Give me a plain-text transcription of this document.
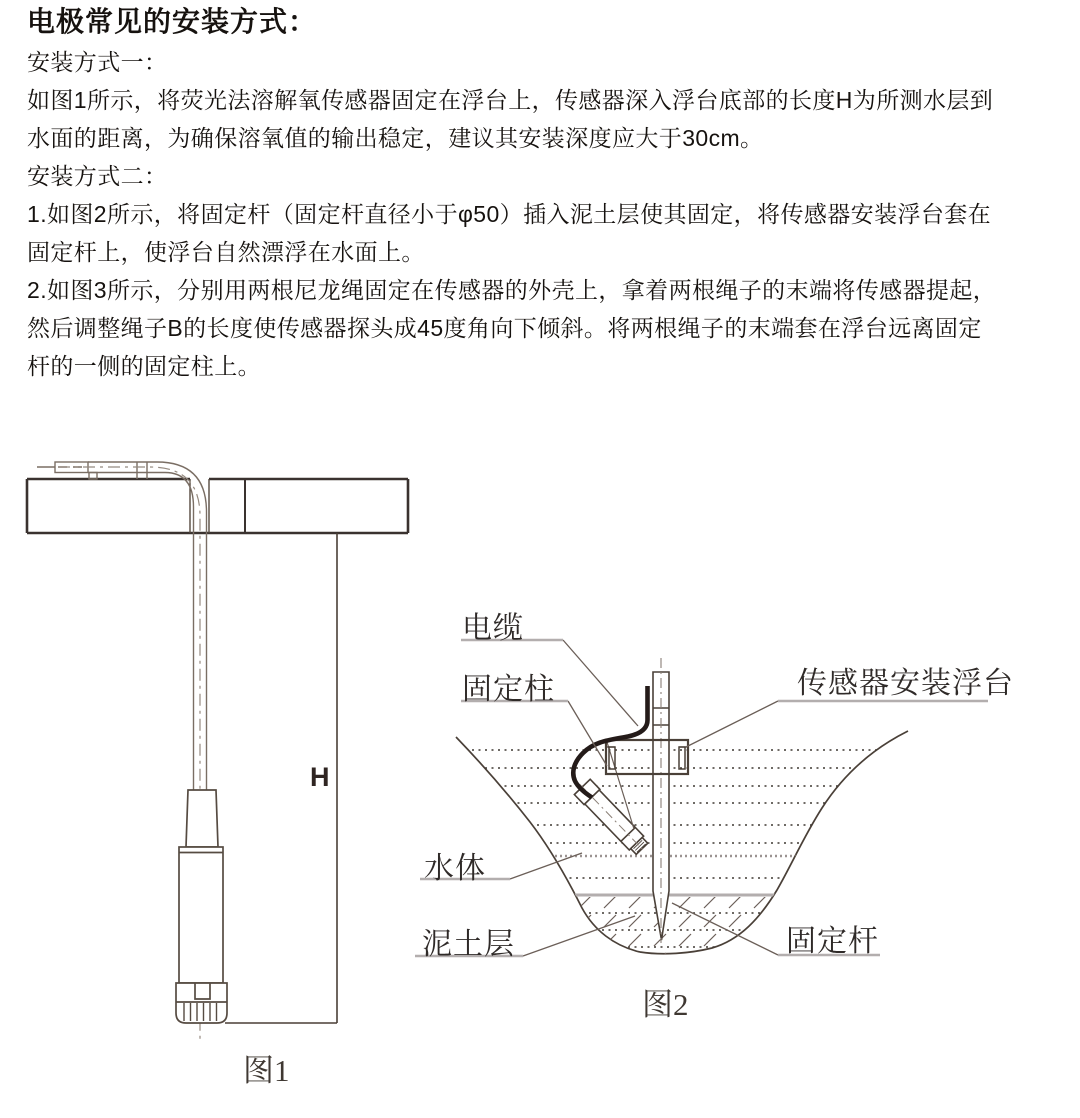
电极常见的安装方式：
安装方式一：
如图1所示，将荧光法溶解氧传感器固定在浮台上，传感器深入浮台底部的长度H为所测水层到
水面的距离，为确保溶氧值的输出稳定，建议其安装深度应大于30cm。
安装方式二：
1.如图2所示，将固定杆（固定杆直径小于φ50）插入泥土层使其固定，将传感器安装浮台套在
固定杆上，使浮台自然漂浮在水面上。
2.如图3所示，分别用两根尼龙绳固定在传感器的外壳上，拿着两根绳子的末端将传感器提起，
然后调整绳子B的长度使传感器探头成45度角向下倾斜。将两根绳子的末端套在浮台远离固定
杆的一侧的固定柱上。
H
图1
电缆
固定柱	传感器安装浮台
水体
泥土层	固定杆
图2
